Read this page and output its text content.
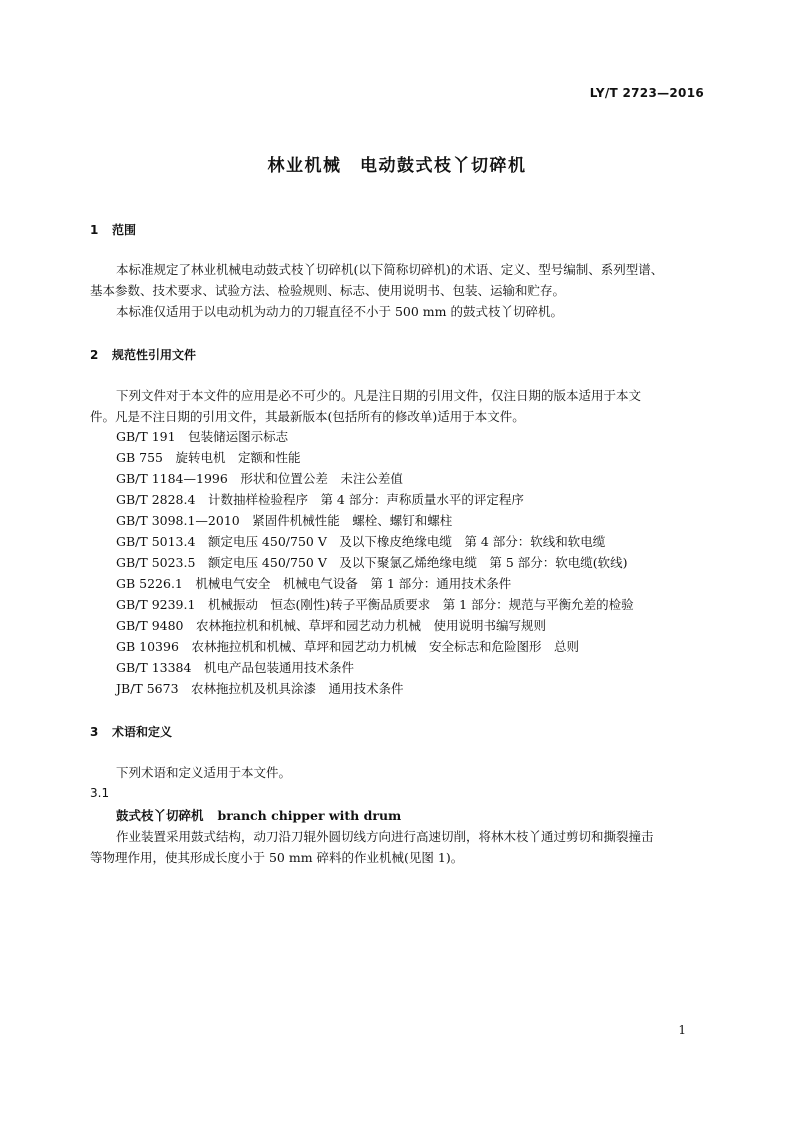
LY/T 2723—2016
林业机械　电动鼓式枝丫切碎机
1 范围
本标准规定了林业机械电动鼓式枝丫切碎机(以下简称切碎机)的术语、定义、型号编制、系列型谱、
基本参数、技术要求、试验方法、检验规则、标志、使用说明书、包装、运输和贮存。
本标准仅适用于以电动机为动力的刀辊直径不小于 500 mm 的鼓式枝丫切碎机。
2 规范性引用文件
下列文件对于本文件的应用是必不可少的。凡是注日期的引用文件，仅注日期的版本适用于本文
件。凡是不注日期的引用文件，其最新版本(包括所有的修改单)适用于本文件。
GB/T 191　 包装储运图示标志
GB 755　 旋转电机　定额和性能
GB/T 1184—1996　 形状和位置公差　未注公差值
GB/T 2828.4　 计数抽样检验程序　第 4 部分：声称质量水平的评定程序
GB/T 3098.1—2010　 紧固件机械性能　螺栓、螺钉和螺柱
GB/T 5013.4　 额定电压 450/750 V　及以下橡皮绝缘电缆　第 4 部分：软线和软电缆
GB/T 5023.5　 额定电压 450/750 V　及以下聚氯乙烯绝缘电缆　第 5 部分：软电缆(软线)
GB 5226.1　 机械电气安全　机械电气设备　第 1 部分：通用技术条件
GB/T 9239.1　 机械振动　恒态(刚性)转子平衡品质要求　第 1 部分：规范与平衡允差的检验
GB/T 9480　 农林拖拉机和机械、草坪和园艺动力机械　使用说明书编写规则
GB 10396　 农林拖拉机和机械、草坪和园艺动力机械　安全标志和危险图形　总则
GB/T 13384　 机电产品包装通用技术条件
JB/T 5673　 农林拖拉机及机具涂漆　通用技术条件
3 术语和定义
下列术语和定义适用于本文件。
3.1
鼓式枝丫切碎机 branch chipper with drum
作业装置采用鼓式结构，动刀沿刀辊外圆切线方向进行高速切削，将林木枝丫通过剪切和撕裂撞击
等物理作用，使其形成长度小于 50 mm 碎料的作业机械(见图 1)。
1
